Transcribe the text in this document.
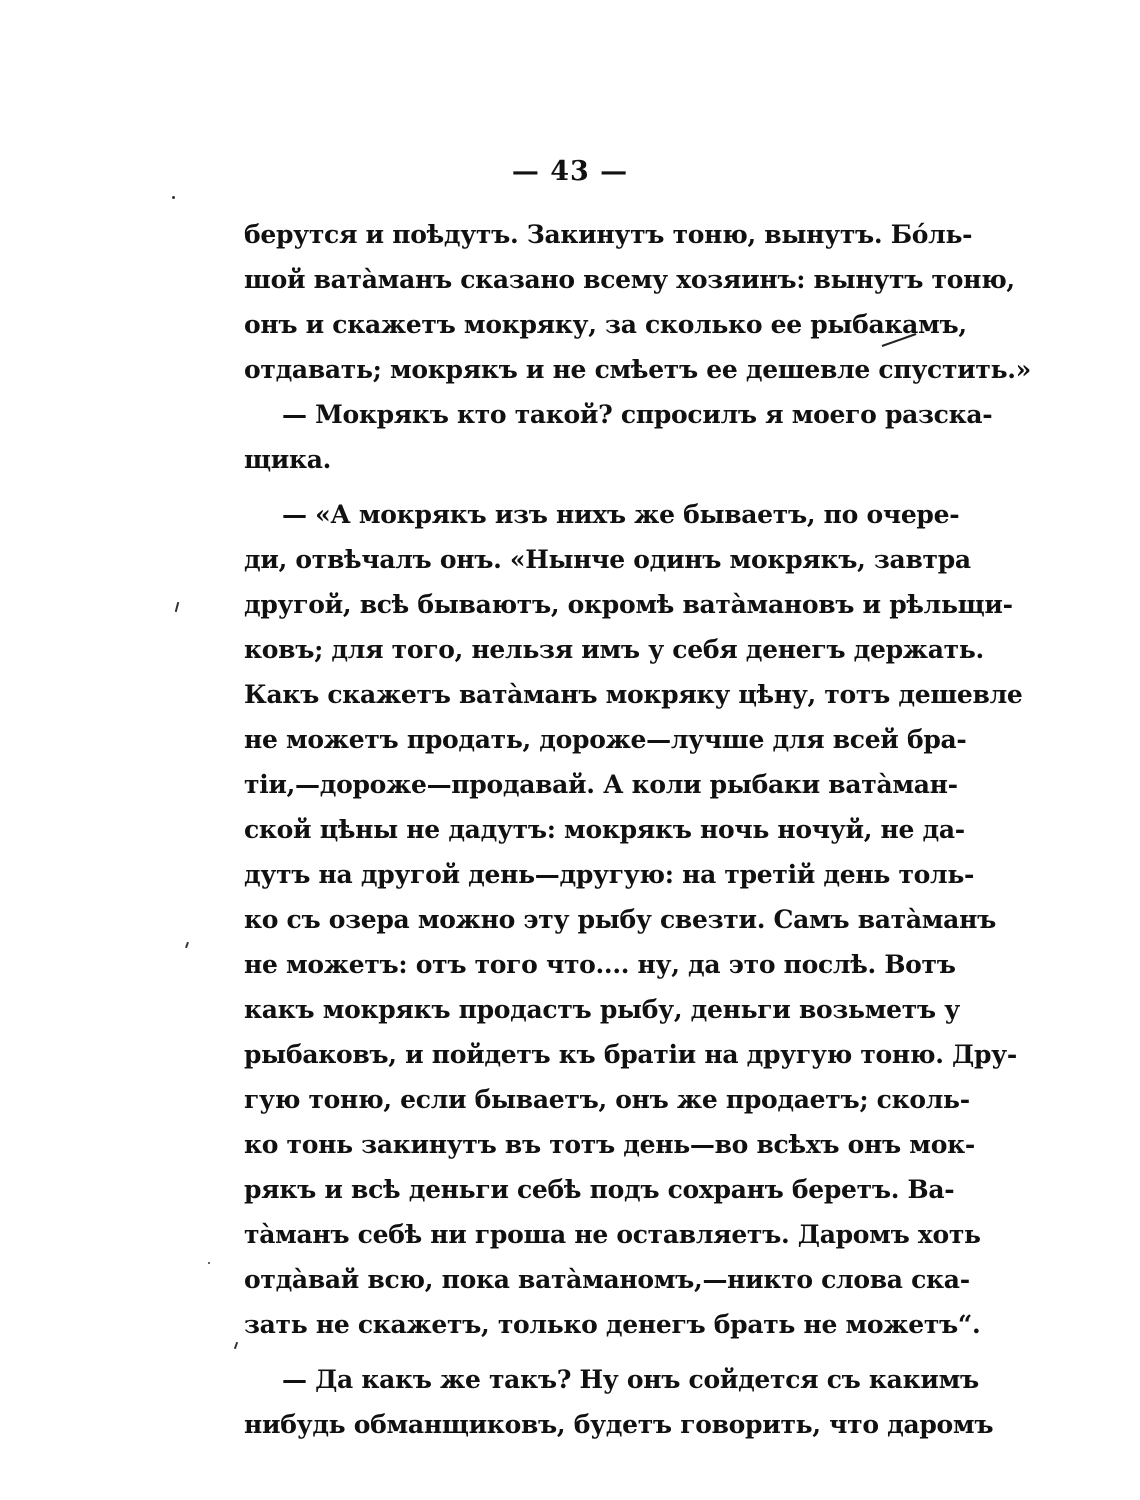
— 43 —
берутся и поѣдутъ. Закинутъ тоню, вынутъ. Бóль-
шой ватàманъ сказано всему хозяинъ: вынутъ тоню,
онъ и скажетъ мокряку, за сколько ее рыбакамъ,
отдавать; мокрякъ и не смѣетъ ее дешевле спустить.»
— Мокрякъ кто такой? спросилъ я моего разска-
щика.
— «А мокрякъ изъ нихъ же бываетъ, по очере-
ди, отвѣчалъ онъ. «Нынче одинъ мокрякъ, завтра
другой, всѣ бываютъ, окромѣ ватàмановъ и рѣльщи-
ковъ; для того, нельзя имъ у себя денегъ держать.
Какъ скажетъ ватàманъ мокряку цѣну, тотъ дешевле
не можетъ продать, дороже—лучше для всей бра-
тіи,—дороже—продавай. А коли рыбаки ватàман-
ской цѣны не дадутъ: мокрякъ ночь ночуй, не да-
дутъ на другой день—другую: на третій день толь-
ко съ озера можно эту рыбу свезти. Самъ ватàманъ
не можетъ: отъ того что.... ну, да это послѣ. Вотъ
какъ мокрякъ продастъ рыбу, деньги возьметъ у
рыбаковъ, и пойдетъ къ братіи на другую тоню. Дру-
гую тоню, если бываетъ, онъ же продаетъ; сколь-
ко тонь закинутъ въ тотъ день—во всѣхъ онъ мок-
рякъ и всѣ деньги себѣ подъ сохранъ беретъ. Ва-
тàманъ себѣ ни гроша не оставляетъ. Даромъ хоть
отдàвай всю, пока ватàманомъ,—никто слова ска-
зать не скажетъ, только денегъ брать не можетъ“.
— Да какъ же такъ? Ну онъ сойдется съ какимъ
нибудь обманщиковъ, будетъ говорить, что даромъ
